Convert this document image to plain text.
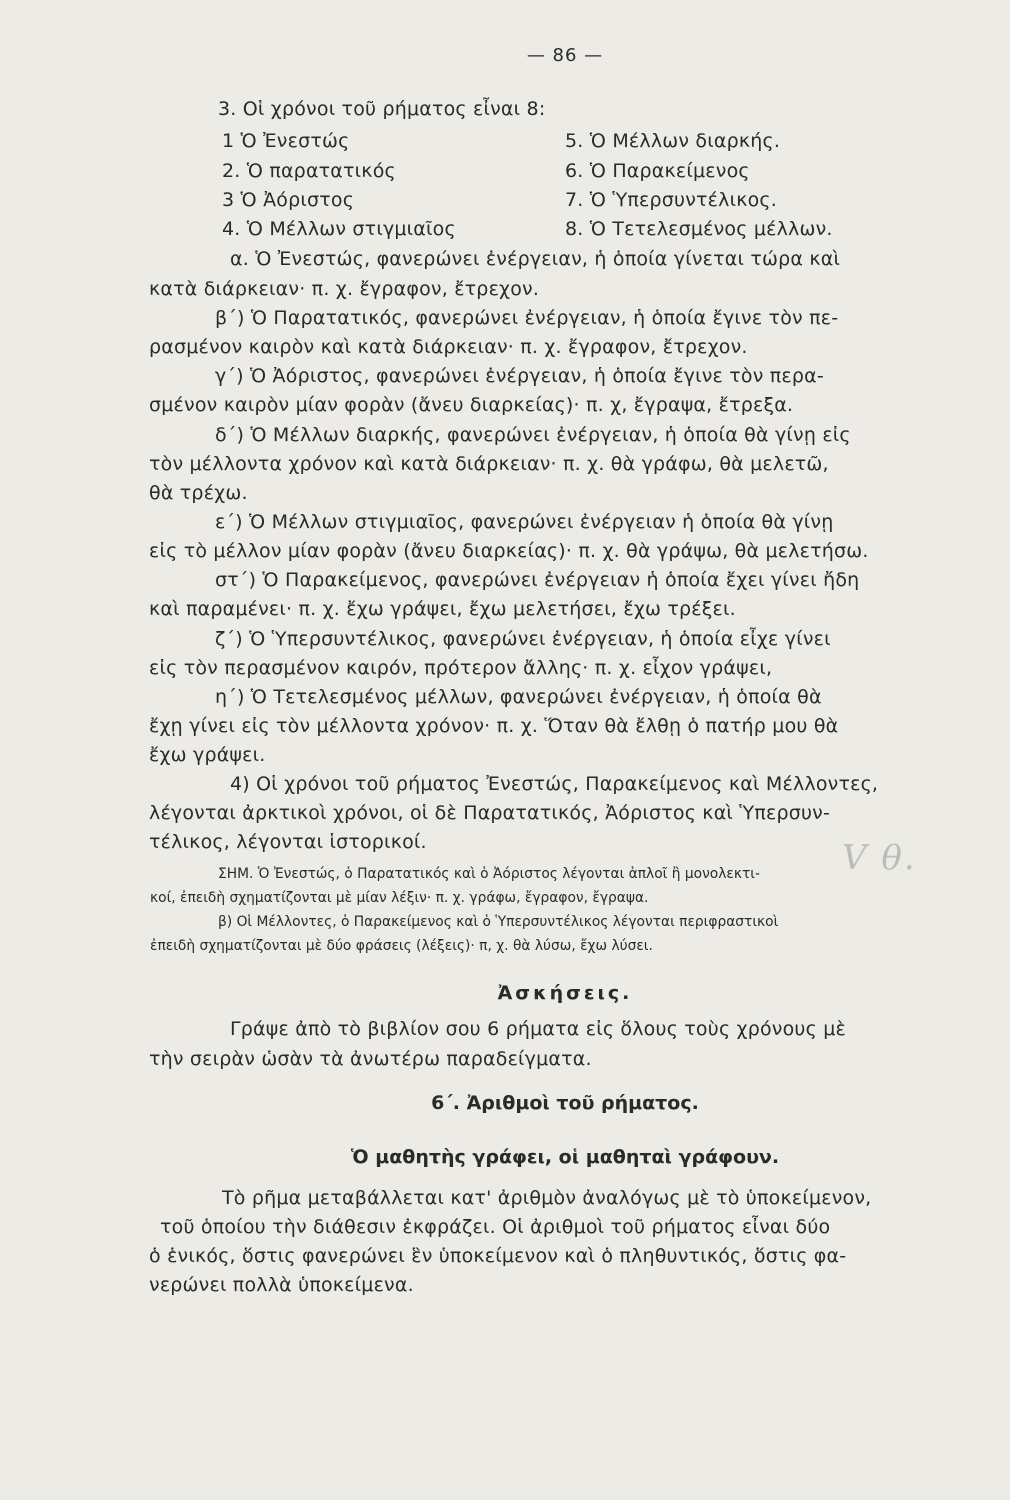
— 86 —
3. Οἱ χρόνοι τοῦ ρήματος εἶναι 8:
1 Ὁ Ἐνεστώς
2. Ὁ παρατατικός
3 Ὁ Ἀόριστος
4. Ὁ Μέλλων στιγμιαῖος
5. Ὁ Μέλλων διαρκής.
6. Ὁ Παρακείμενος
7. Ὁ Ὑπερσυντέλικος.
8. Ὁ Τετελεσμένος μέλλων.
α. Ὁ Ἐνεστώς, φανερώνει ἐνέργειαν, ἡ ὁποία γίνεται τώρα καὶ
κατὰ διάρκειαν· π. χ. ἔγραφον, ἔτρεχον.
β΄) Ὁ Παρατατικός, φανερώνει ἐνέργειαν, ἡ ὁποία ἔγινε τὸν πε-
ρασμένον καιρὸν καὶ κατὰ διάρκειαν· π. χ. ἔγραφον, ἔτρεχον.
γ΄) Ὁ Ἀόριστος, φανερώνει ἐνέργειαν, ἡ ὁποία ἔγινε τὸν περα-
σμένον καιρὸν μίαν φορὰν (ἄνευ διαρκείας)· π. χ, ἔγραψα, ἔτρεξα.
δ΄) Ὁ Μέλλων διαρκής, φανερώνει ἐνέργειαν, ἡ ὁποία θὰ γίνῃ εἰς
τὸν μέλλοντα χρόνον καὶ κατὰ διάρκειαν· π. χ. θὰ γράφω, θὰ μελετῶ,
θὰ τρέχω.
ε΄) Ὁ Μέλλων στιγμιαῖος, φανερώνει ἐνέργειαν ἡ ὁποία θὰ γίνῃ
εἰς τὸ μέλλον μίαν φορὰν (ἄνευ διαρκείας)· π. χ. θὰ γράψω, θὰ μελετήσω.
στ΄) Ὁ Παρακείμενος, φανερώνει ἐνέργειαν ἡ ὁποία ἔχει γίνει ἤδη
καὶ παραμένει· π. χ. ἔχω γράψει, ἔχω μελετήσει, ἔχω τρέξει.
ζ΄) Ὁ Ὑπερσυντέλικος, φανερώνει ἐνέργειαν, ἡ ὁποία εἶχε γίνει
εἰς τὸν περασμένον καιρόν, πρότερον ἄλλης· π. χ. εἶχον γράψει,
η΄) Ὁ Τετελεσμένος μέλλων, φανερώνει ἐνέργειαν, ἡ ὁποία θὰ
ἔχῃ γίνει εἰς τὸν μέλλοντα χρόνον· π. χ. Ὅταν θὰ ἔλθῃ ὁ πατήρ μου θὰ
ἔχω γράψει.
4) Οἱ χρόνοι τοῦ ρήματος Ἐνεστώς, Παρακείμενος καὶ Μέλλοντες,
λέγονται ἀρκτικοὶ χρόνοι, οἱ δὲ Παρατατικός, Ἀόριστος καὶ Ὑπερσυν-
τέλικος, λέγονται ἱστορικοί.
ΣΗΜ. Ὁ Ἐνεστώς, ὁ Παρατατικός καὶ ὁ Ἀόριστος λέγονται ἁπλοῖ ἢ μονολεκτι-
κοί, ἐπειδὴ σχηματίζονται μὲ μίαν λέξιν· π. χ. γράφω, ἔγραφον, ἔγραψα.
β) Οἱ Μέλλοντες, ὁ Παρακείμενος καὶ ὁ Ὑπερσυντέλικος λέγονται περιφραστικοὶ
ἐπειδὴ σχηματίζονται μὲ δύο φράσεις (λέξεις)· π, χ. θὰ λύσω, ἔχω λύσει.
V θ.
Ἀσκήσεις.
Γράψε ἀπὸ τὸ βιβλίον σου 6 ρήματα εἰς ὅλους τοὺς χρόνους μὲ
τὴν σειρὰν ὡσὰν τὰ ἀνωτέρω παραδείγματα.
6΄. Ἀριθμοὶ τοῦ ρήματος.
Ὁ μαθητὴς γράφει, οἱ μαθηταὶ γράφουν.
Τὸ ρῆμα μεταβάλλεται κατ' ἀριθμὸν ἀναλόγως μὲ τὸ ὑποκείμενον,
τοῦ ὁποίου τὴν διάθεσιν ἐκφράζει. Οἱ ἀριθμοὶ τοῦ ρήματος εἶναι δύο
ὁ ἑνικός, ὅστις φανερώνει ἓν ὑποκείμενον καὶ ὁ πληθυντικός, ὅστις φα-
νερώνει πολλὰ ὑποκείμενα.
